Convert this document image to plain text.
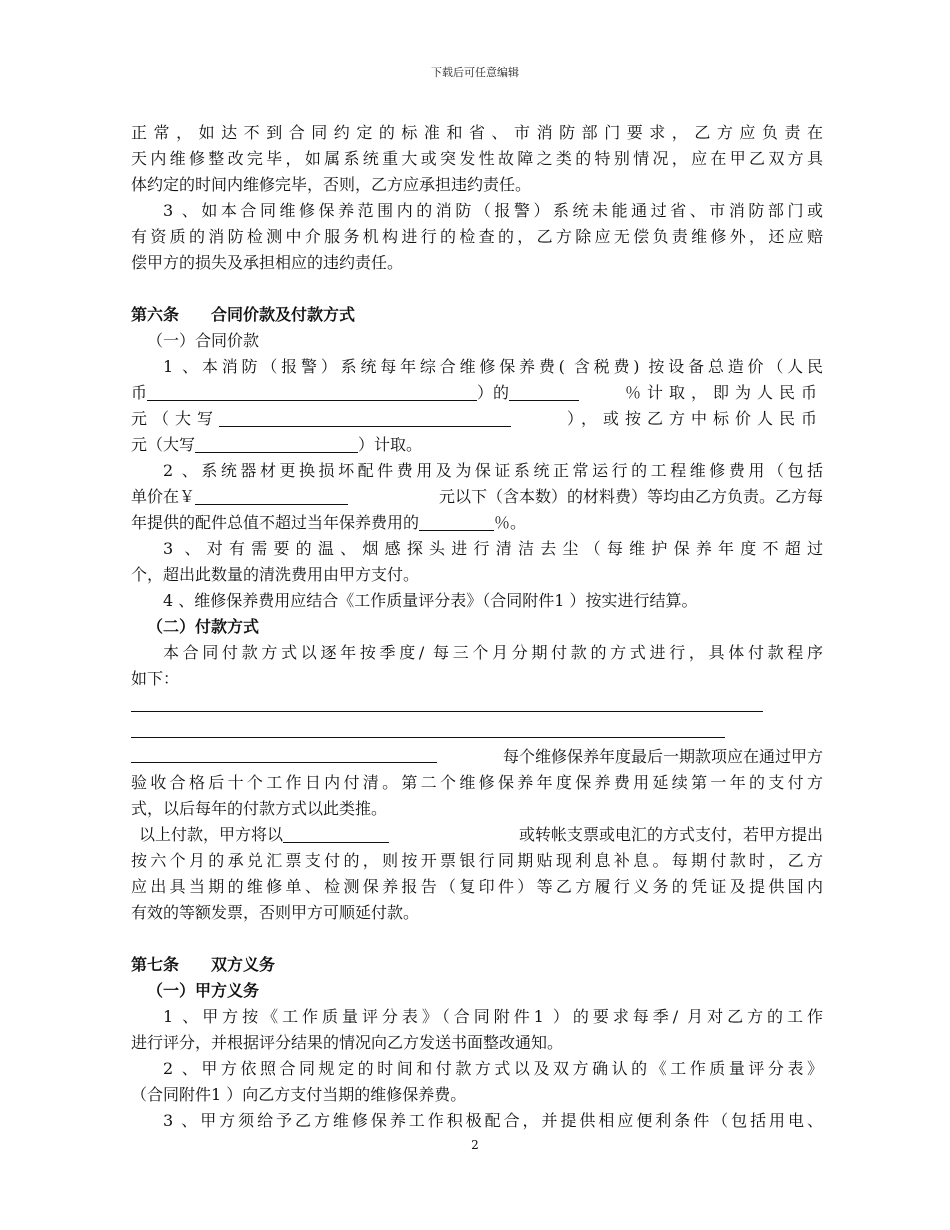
下载后可任意编辑
正常，如达不到合同约定的标准和省、市消防部门要求，乙方应负责在
天内维修整改完毕，如属系统重大或突发性故障之类的特别情况，应在甲乙双方具
体约定的时间内维修完毕，否则，乙方应承担违约责任。
3 、如本合同维修保养范围内的消防（报警）系统未能通过省、市消防部门或
有资质的消防检测中介服务机构进行的检查的，乙方除应无偿负责维修外，还应赔
偿甲方的损失及承担相应的违约责任。
第六条　　合同价款及付款方式
（一）合同价款
1 、本消防（报警）系统每年综合维修保养费( 含税费) 按设备总造价（人民
币	）的	％计取，即为人民币
元（大写	），或按乙方中标价人民币
元（大写	）计取。
2 、系统器材更换损坏配件费用及为保证系统正常运行的工程维修费用（包括
单价在￥	元以下（含本数）的材料费）等均由乙方负责。乙方每
年提供的配件总值不超过当年保养费用的	％。
3 、对有需要的温、烟感探头进行清洁去尘（每维护保养年度不超过
个，超出此数量的清洗费用由甲方支付。
4 、维修保养费用应结合《工作质量评分表》（合同附件1 ）按实进行结算。
（二）付款方式
本合同付款方式以逐年按季度/ 每三个月分期付款的方式进行，具体付款程序
如下：
每个维修保养年度最后一期款项应在通过甲方
验收合格后十个工作日内付清。第二个维修保养年度保养费用延续第一年的支付方
式，以后每年的付款方式以此类推。
以上付款，甲方将以	或转帐支票或电汇的方式支付，若甲方提出
按六个月的承兑汇票支付的，则按开票银行同期贴现利息补息。每期付款时，乙方
应出具当期的维修单、检测保养报告（复印件）等乙方履行义务的凭证及提供国内
有效的等额发票，否则甲方可顺延付款。
第七条　　双方义务
（一）甲方义务
1 、甲方按《工作质量评分表》（合同附件1 ）的要求每季/ 月对乙方的工作
进行评分，并根据评分结果的情况向乙方发送书面整改通知。
2 、甲方依照合同规定的时间和付款方式以及双方确认的《工作质量评分表》
（合同附件1 ）向乙方支付当期的维修保养费。
3 、甲方须给予乙方维修保养工作积极配合，并提供相应便利条件（包括用电、
2
